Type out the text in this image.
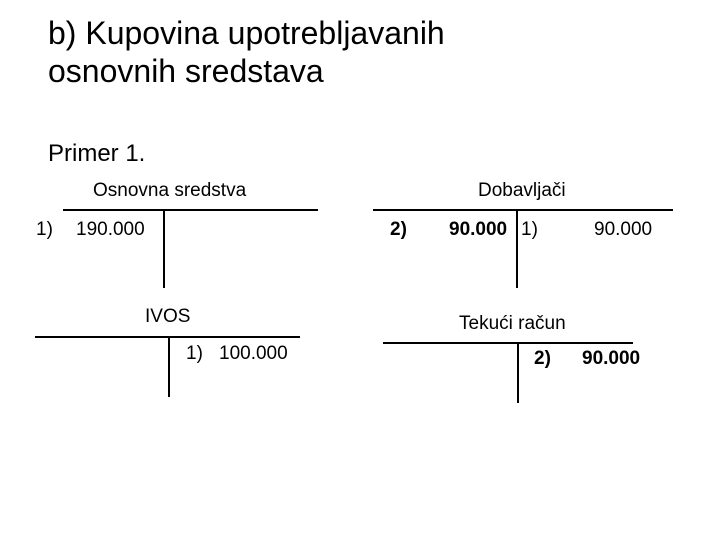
b) Kupovina upotrebljavanih
osnovnih sredstava
Primer 1.
Osnovna sredstva
1) 190.000
Dobavljači
2) 90.000 1)	90.000
IVOS
1) 100.000
Tekući račun
2) 90.000
